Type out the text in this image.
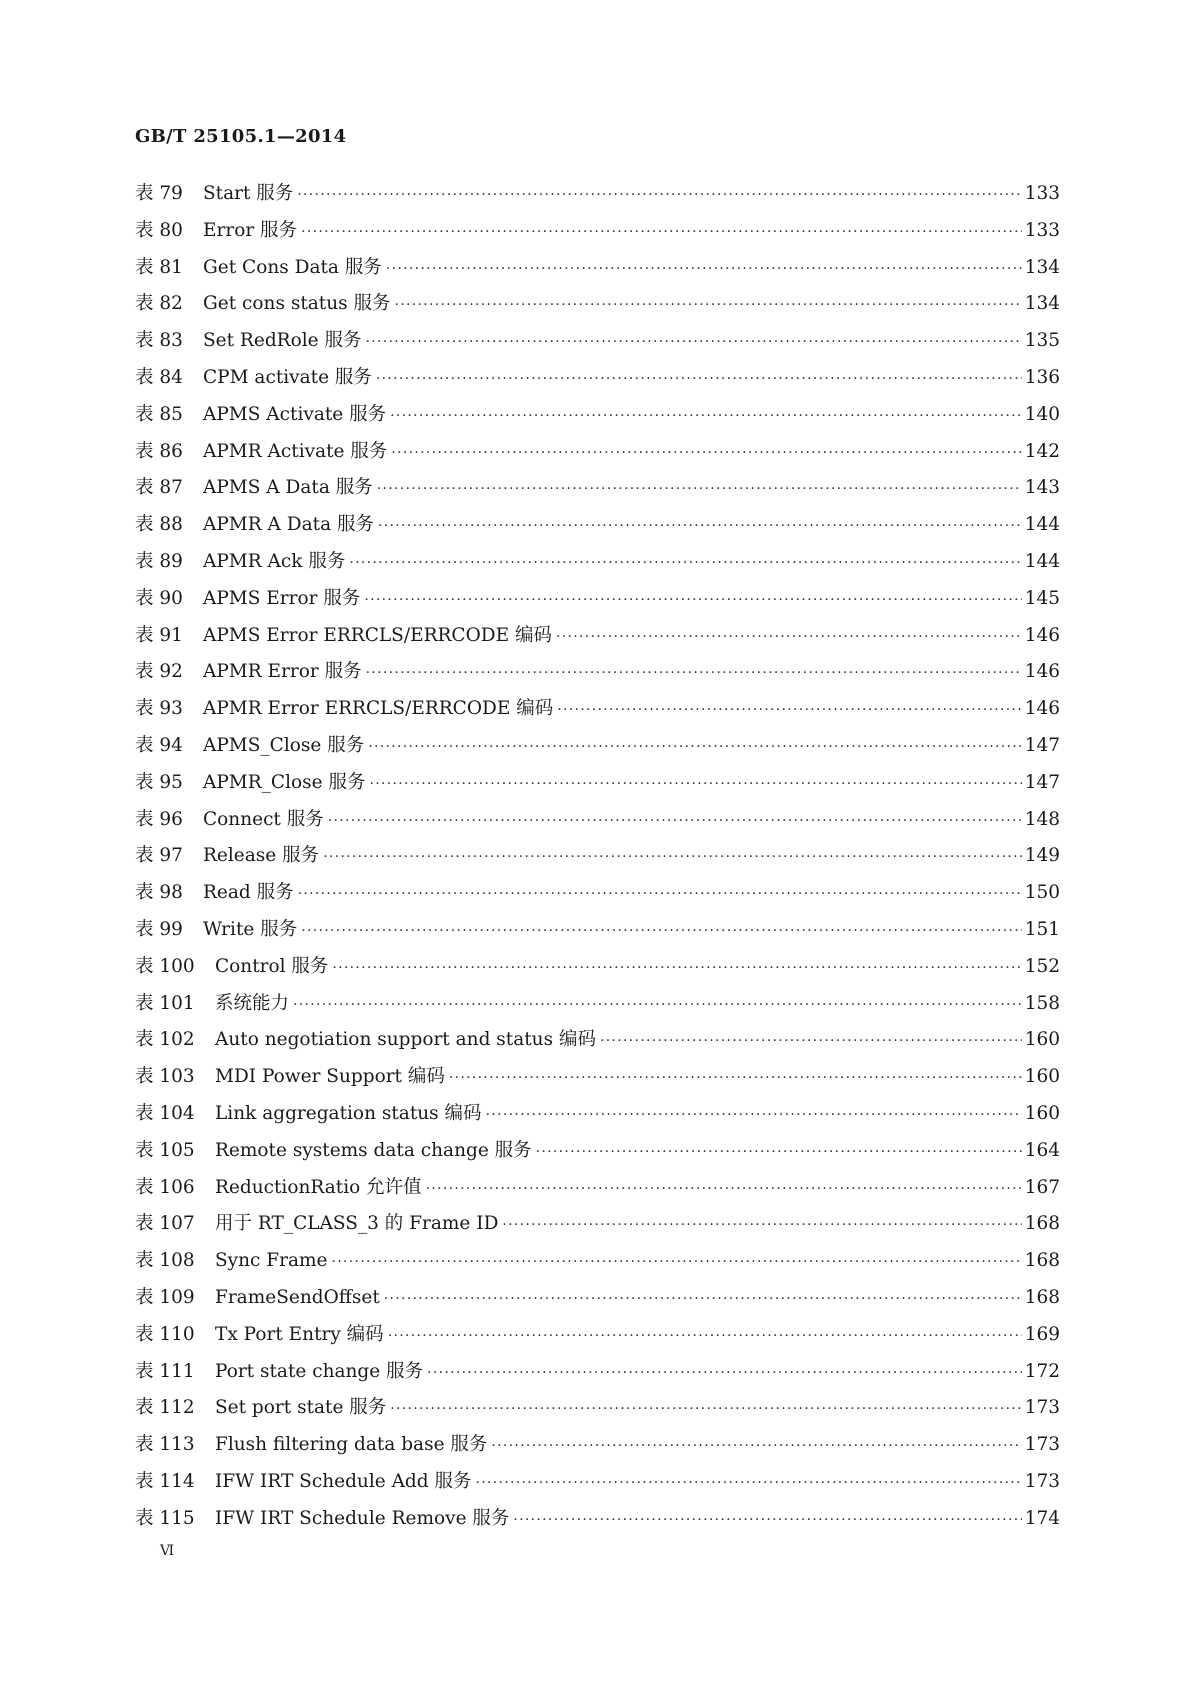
GB/T 25105.1—2014
表 79	Start 服务 ·····	133
表 80	Error 服务 ·····	133
表 81	Get Cons Data 服务 ·····	134
表 82	Get cons status 服务 ·····	134
表 83	Set RedRole 服务 ·····	135
表 84	CPM activate 服务 ·····	136
表 85	APMS Activate 服务 ·····	140
表 86	APMR Activate 服务 ·····	142
表 87	APMS A Data 服务 ·····	143
表 88	APMR A Data 服务 ·····	144
表 89	APMR Ack 服务 ·····	144
表 90	APMS Error 服务 ·····	145
表 91	APMS Error ERRCLS/ERRCODE 编码 ·····	146
表 92	APMR Error 服务 ·····	146
表 93	APMR Error ERRCLS/ERRCODE 编码 ·····	146
表 94	APMS_Close 服务 ·····	147
表 95	APMR_Close 服务 ·····	147
表 96	Connect 服务 ·····	148
表 97	Release 服务 ·····	149
表 98	Read 服务 ·····	150
表 99	Write 服务 ·····	151
表 100	Control 服务 ·····	152
表 101	系统能力 ·····	158
表 102	Auto negotiation support and status 编码 ·····	160
表 103	MDI Power Support 编码 ·····	160
表 104	Link aggregation status 编码 ·····	160
表 105	Remote systems data change 服务 ·····	164
表 106	ReductionRatio 允许值 ·····	167
表 107	用于 RT_CLASS_3 的 Frame ID ·····	168
表 108	Sync Frame ·····	168
表 109	FrameSendOffset ·····	168
表 110	Tx Port Entry 编码 ·····	169
表 111	Port state change 服务 ·····	172
表 112	Set port state 服务 ·····	173
表 113	Flush filtering data base 服务 ·····	173
表 114	IFW IRT Schedule Add 服务 ·····	173
表 115	IFW IRT Schedule Remove 服务 ·····	174
Ⅵ
